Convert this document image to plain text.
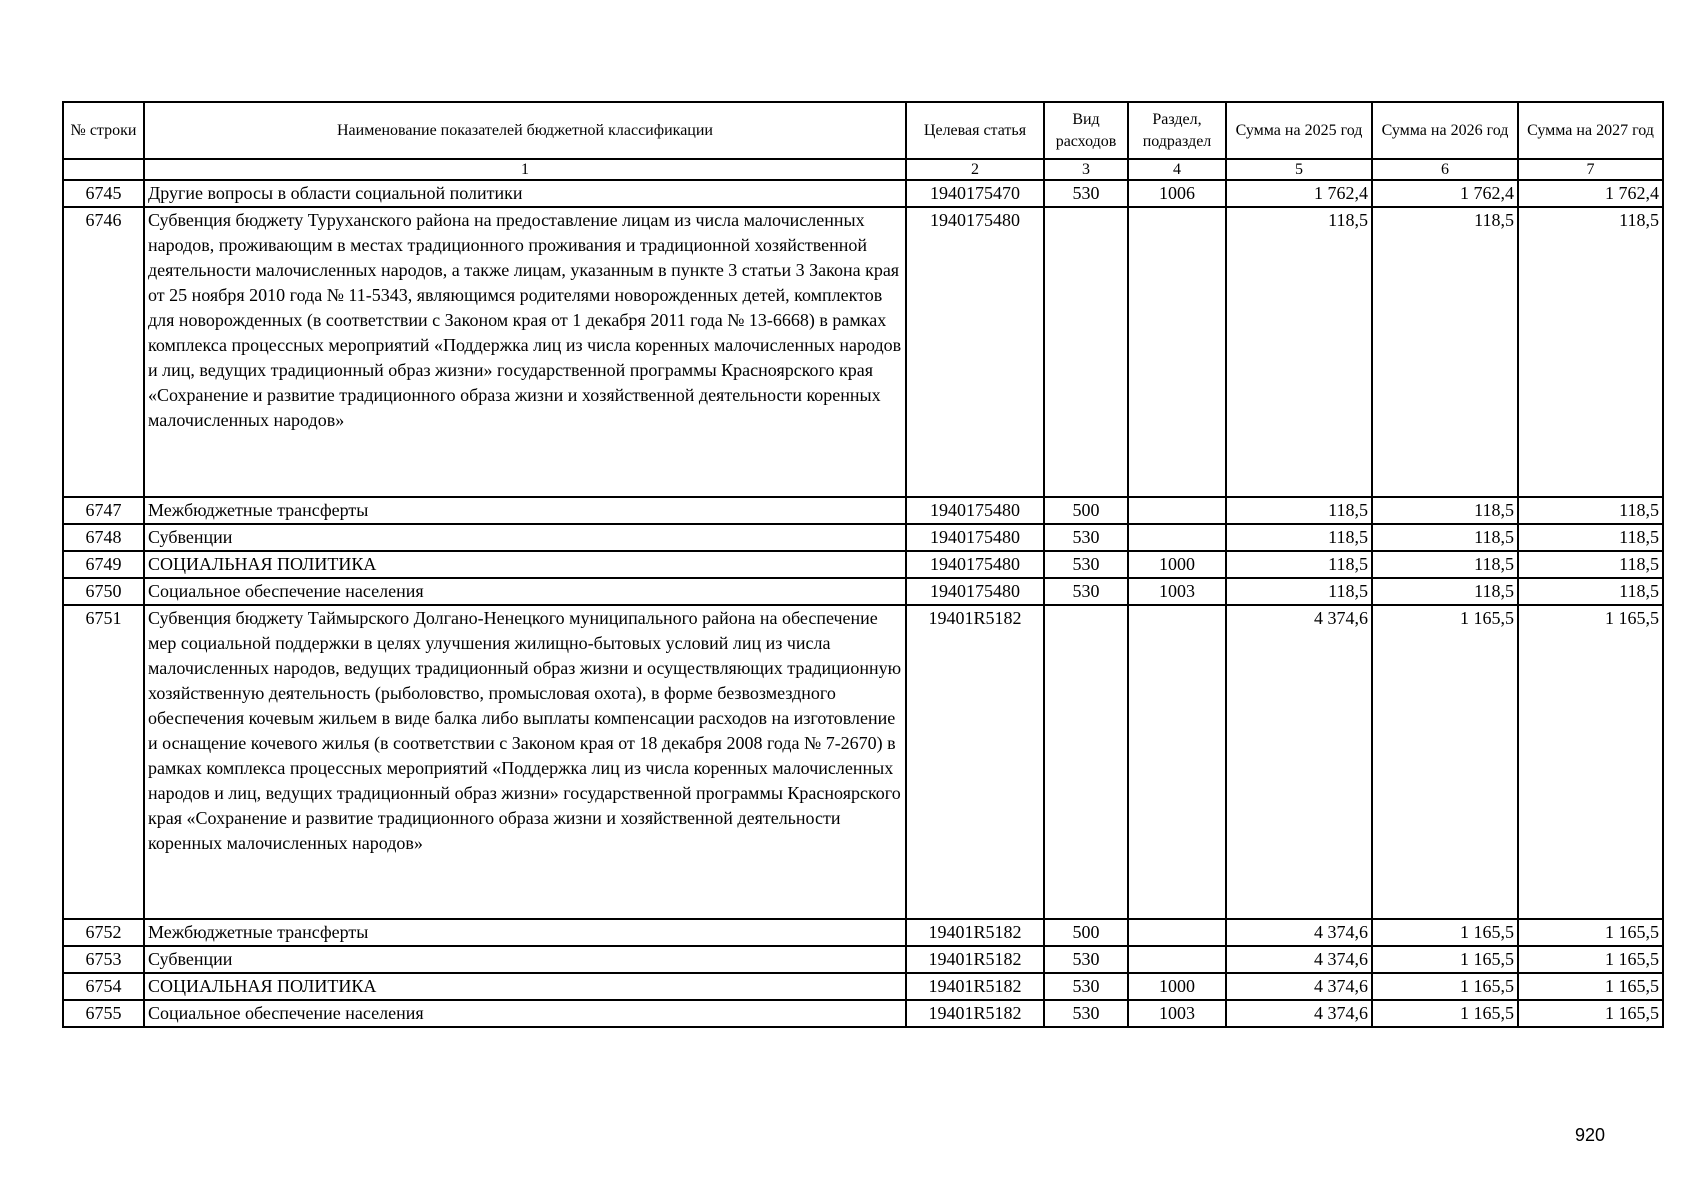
№ строки	Наименование показателей бюджетной классификации	Целевая статья	Вид расходов	Раздел, подраздел	Сумма на 2025 год	Сумма на 2026 год	Сумма на 2027 год
	1	2	3	4	5	6	7
6745	Другие вопросы в области социальной политики	1940175470	530	1006	1 762,4	1 762,4	1 762,4
6746	Субвенция бюджету Туруханского района на предоставление лицам из числа малочисленных народов, проживающим в местах традиционного проживания и традиционной хозяйственной деятельности малочисленных народов, а также лицам, указанным в пункте 3 статьи 3 Закона края от 25 ноября 2010 года № 11-5343, являющимся родителями новорожденных детей, комплектов для новорожденных (в соответствии с Законом края от 1 декабря 2011 года № 13-6668) в рамках комплекса процессных мероприятий «Поддержка лиц из числа коренных малочисленных народов и лиц, ведущих традиционный образ жизни» государственной программы Красноярского края «Сохранение и развитие традиционного образа жизни и хозяйственной деятельности коренных малочисленных народов»	1940175480			118,5	118,5	118,5
6747	Межбюджетные трансферты	1940175480	500		118,5	118,5	118,5
6748	Субвенции	1940175480	530		118,5	118,5	118,5
6749	СОЦИАЛЬНАЯ ПОЛИТИКА	1940175480	530	1000	118,5	118,5	118,5
6750	Социальное обеспечение населения	1940175480	530	1003	118,5	118,5	118,5
6751	Субвенция бюджету Таймырского Долгано-Ненецкого муниципального района на обеспечение мер социальной поддержки в целях улучшения жилищно-бытовых условий лиц из числа малочисленных народов, ведущих традиционный образ жизни и осуществляющих традиционную хозяйственную деятельность (рыболовство, промысловая охота), в форме безвозмездного обеспечения кочевым жильем в виде балка либо выплаты компенсации расходов на изготовление и оснащение кочевого жилья (в соответствии с Законом края от 18 декабря 2008 года № 7-2670) в рамках комплекса процессных мероприятий «Поддержка лиц из числа коренных малочисленных народов и лиц, ведущих традиционный образ жизни» государственной программы Красноярского края «Сохранение и развитие традиционного образа жизни и хозяйственной деятельности коренных малочисленных народов»	19401R5182			4 374,6	1 165,5	1 165,5
6752	Межбюджетные трансферты	19401R5182	500		4 374,6	1 165,5	1 165,5
6753	Субвенции	19401R5182	530		4 374,6	1 165,5	1 165,5
6754	СОЦИАЛЬНАЯ ПОЛИТИКА	19401R5182	530	1000	4 374,6	1 165,5	1 165,5
6755	Социальное обеспечение населения	19401R5182	530	1003	4 374,6	1 165,5	1 165,5
920
